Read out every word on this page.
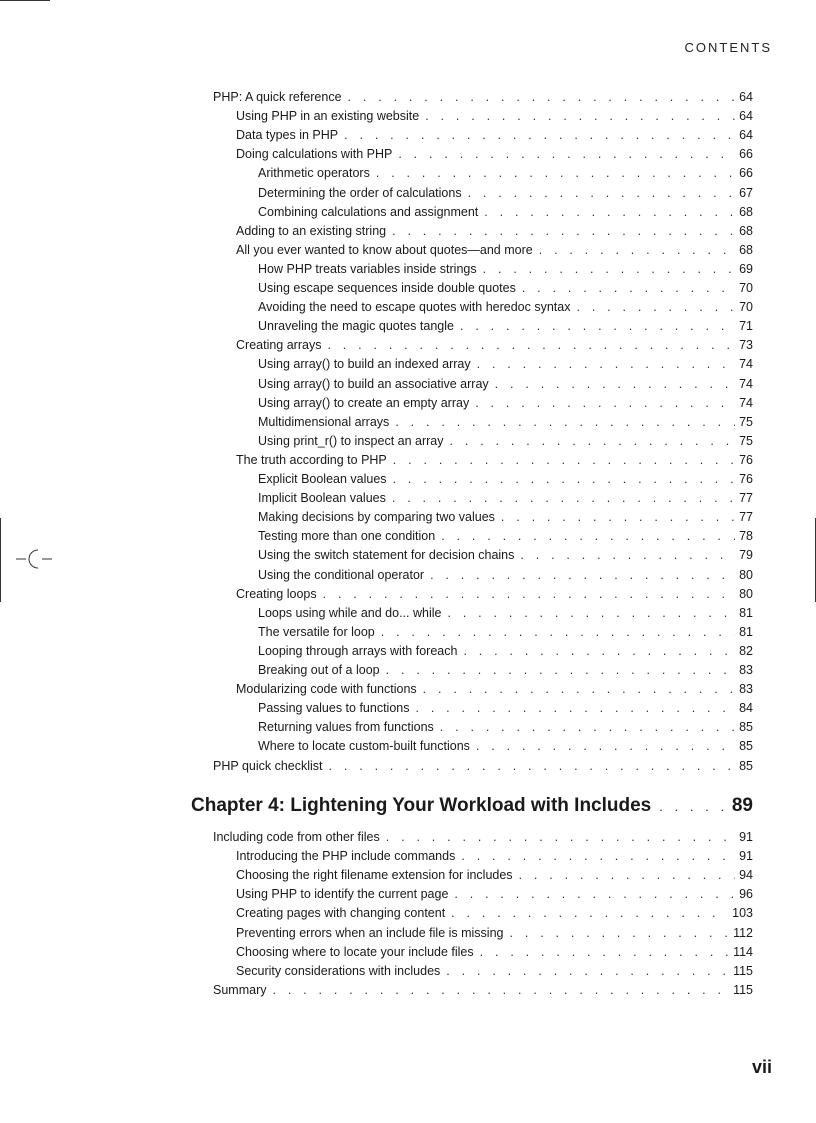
CONTENTS
PHP: A quick reference . . .	64
Using PHP in an existing website . . .	64
Data types in PHP . . .	64
Doing calculations with PHP . . .	66
Arithmetic operators . . .	66
Determining the order of calculations . . .	67
Combining calculations and assignment . . .	68
Adding to an existing string . . .	68
All you ever wanted to know about quotes—and more . . .	68
How PHP treats variables inside strings . . .	69
Using escape sequences inside double quotes . . .	70
Avoiding the need to escape quotes with heredoc syntax . . .	70
Unraveling the magic quotes tangle . . .	71
Creating arrays . . .	73
Using array() to build an indexed array . . .	74
Using array() to build an associative array . . .	74
Using array() to create an empty array . . .	74
Multidimensional arrays . . .	75
Using print_r() to inspect an array . . .	75
The truth according to PHP . . .	76
Explicit Boolean values . . .	76
Implicit Boolean values . . .	77
Making decisions by comparing two values . . .	77
Testing more than one condition . . .	78
Using the switch statement for decision chains . . .	79
Using the conditional operator . . .	80
Creating loops . . .	80
Loops using while and do... while . . .	81
The versatile for loop . . .	81
Looping through arrays with foreach . . .	82
Breaking out of a loop . . .	83
Modularizing code with functions . . .	83
Passing values to functions . . .	84
Returning values from functions . . .	85
Where to locate custom-built functions . . .	85
PHP quick checklist . . .	85
Chapter 4: Lightening Your Workload with Includes . . .	89
Including code from other files . . .	91
Introducing the PHP include commands . . .	91
Choosing the right filename extension for includes . . .	94
Using PHP to identify the current page . . .	96
Creating pages with changing content . . .	103
Preventing errors when an include file is missing . . .	112
Choosing where to locate your include files . . .	114
Security considerations with includes . . .	115
Summary . . .	115
vii
